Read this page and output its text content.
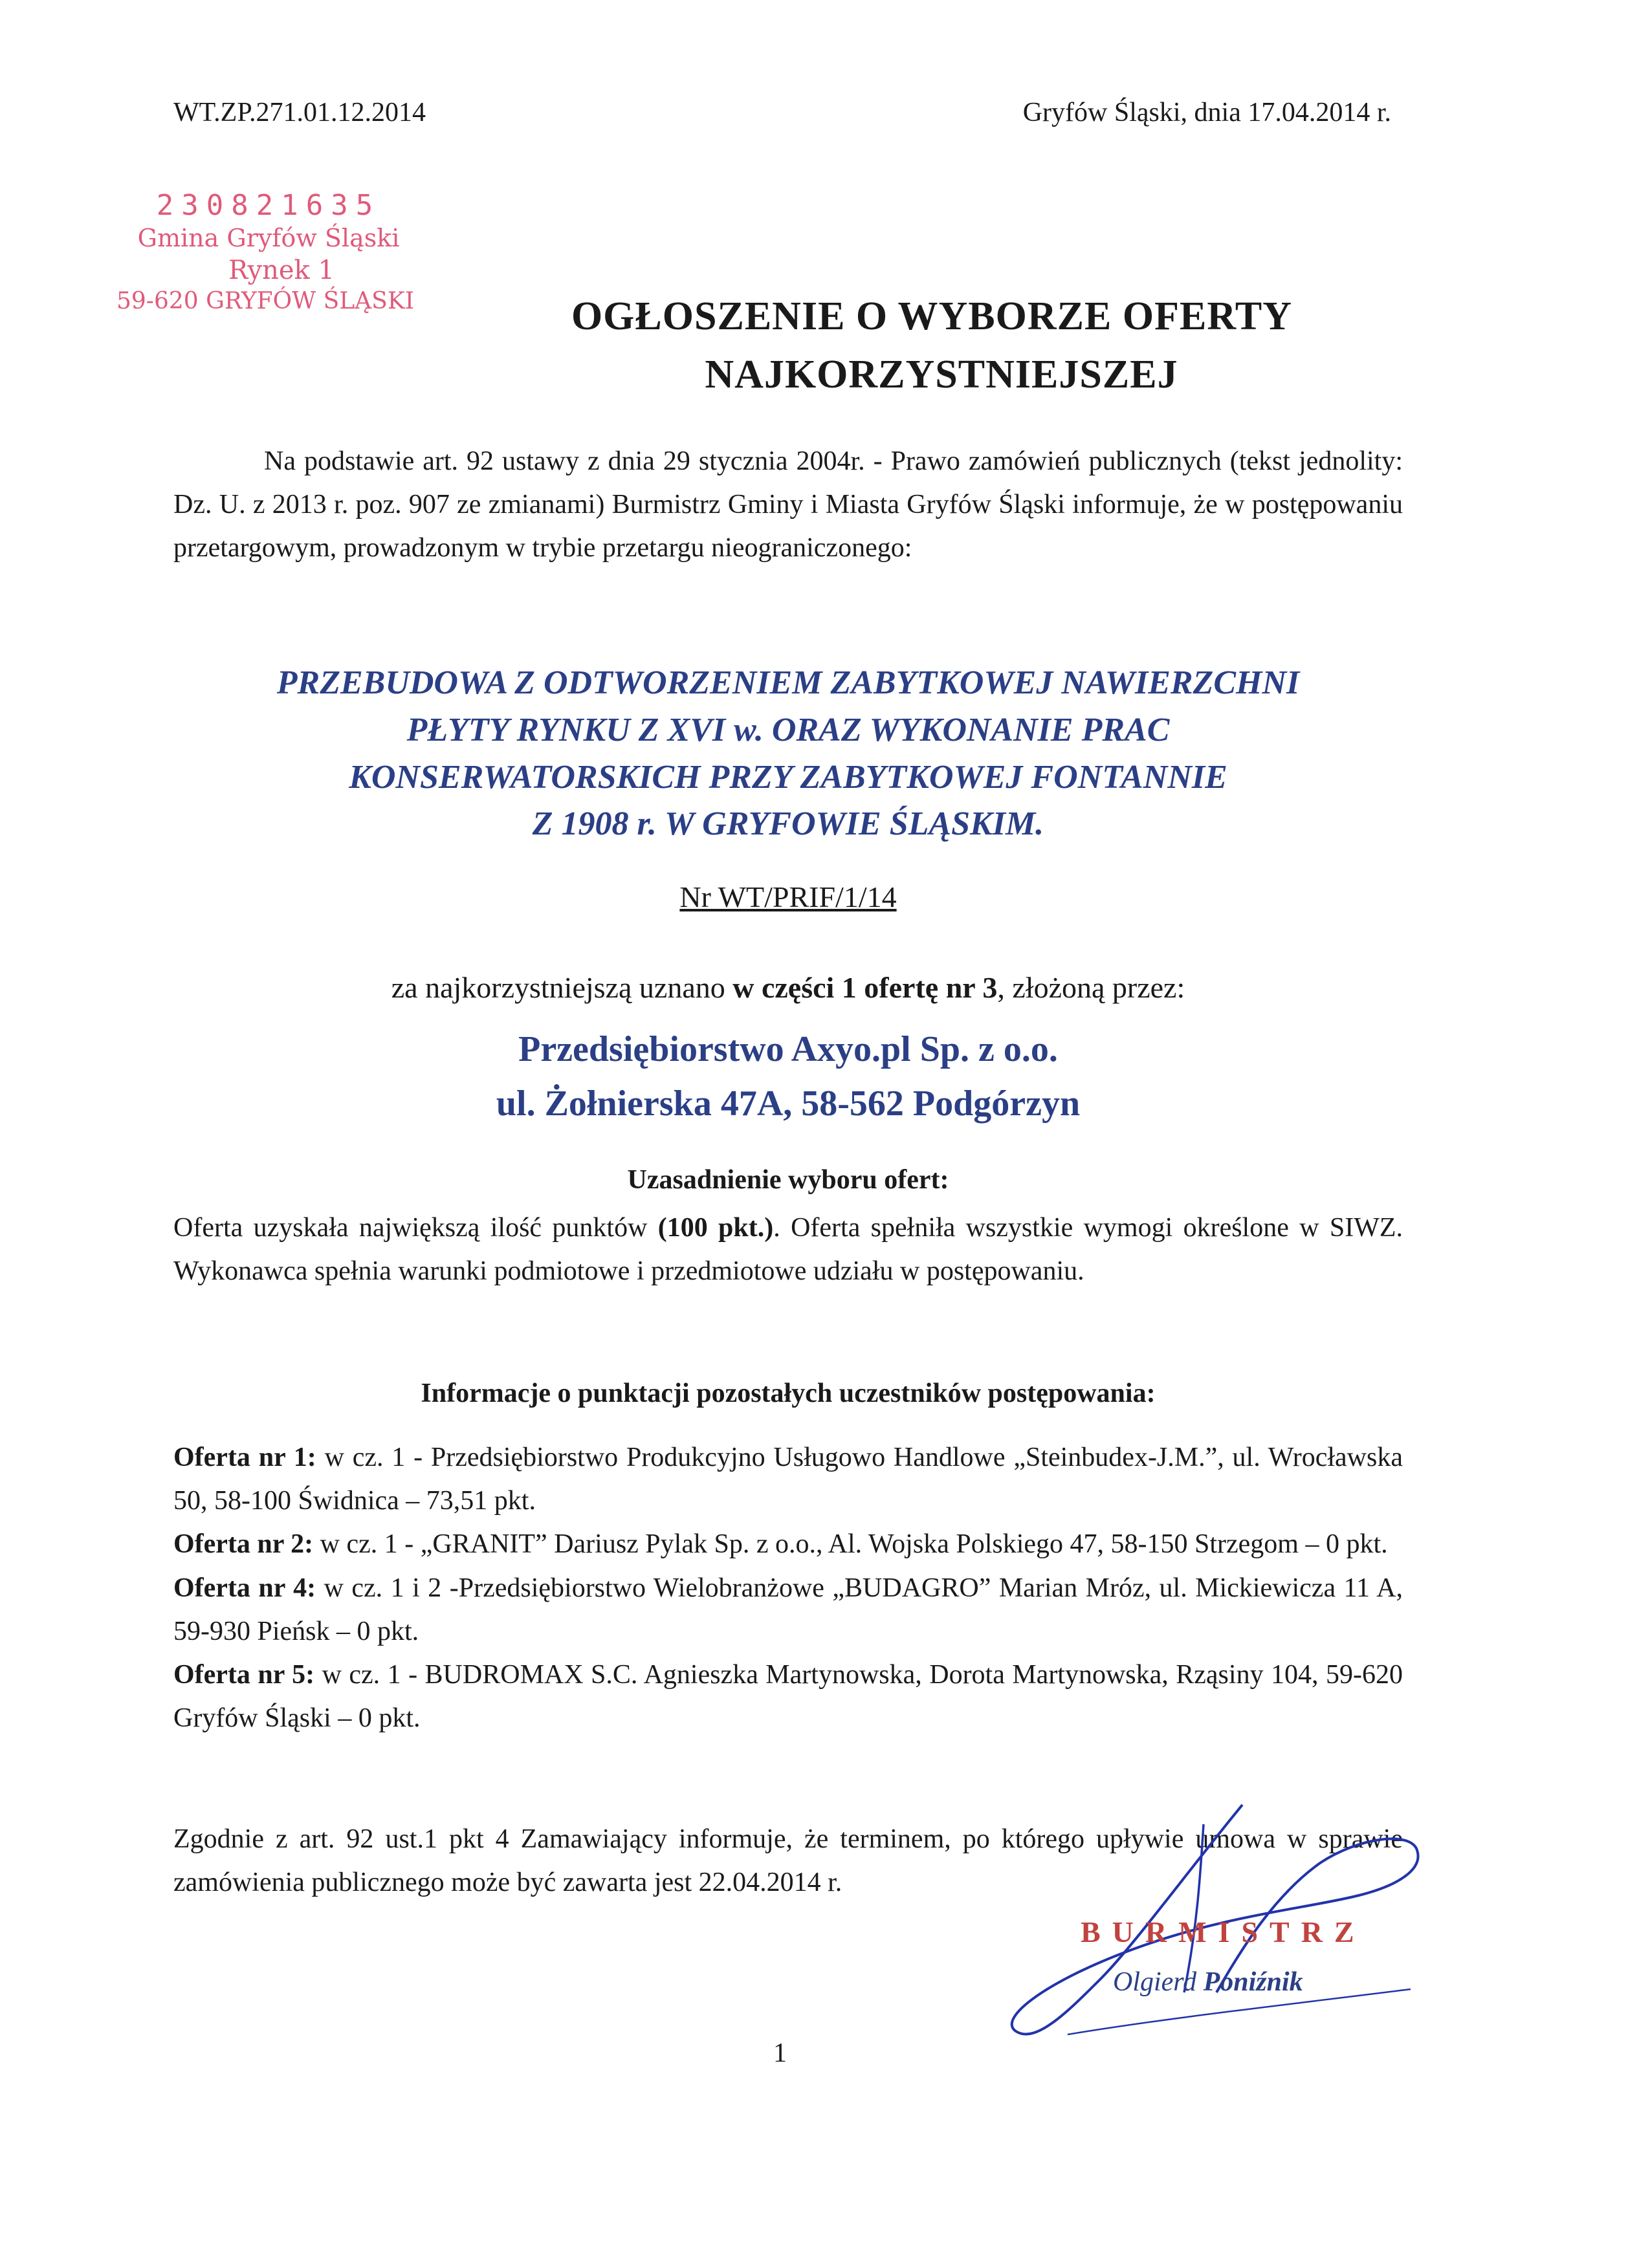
WT.ZP.271.01.12.2014	Gryfów Śląski, dnia 17.04.2014 r.
230821635
Gmina Gryfów Śląski
Rynek 1
59-620 GRYFÓW ŚLĄSKI	OGŁOSZENIE O WYBORZE OFERTY
NAJKORZYSTNIEJSZEJ
Na podstawie art. 92 ustawy z dnia 29 stycznia 2004r. - Prawo zamówień publicznych (tekst jednolity: Dz. U. z 2013 r. poz. 907 ze zmianami) Burmistrz Gminy i Miasta Gryfów Śląski informuje, że w postępowaniu przetargowym, prowadzonym w trybie przetargu nieograniczonego:
PRZEBUDOWA Z ODTWORZENIEM ZABYTKOWEJ NAWIERZCHNI
PŁYTY RYNKU Z XVI w. ORAZ WYKONANIE PRAC
KONSERWATORSKICH PRZY ZABYTKOWEJ FONTANNIE
Z 1908 r. W GRYFOWIE ŚLĄSKIM.
Nr WT/PRIF/1/14
za najkorzystniejszą uznano w części 1 ofertę nr 3, złożoną przez:
Przedsiębiorstwo Axyo.pl Sp. z o.o.
ul. Żołnierska 47A, 58-562 Podgórzyn
Uzasadnienie wyboru ofert:
Oferta uzyskała największą ilość punktów (100 pkt.). Oferta spełniła wszystkie wymogi określone w SIWZ. Wykonawca spełnia warunki podmiotowe i przedmiotowe udziału w postępowaniu.
Informacje o punktacji pozostałych uczestników postępowania:

Oferta nr 1: w cz. 1 - Przedsiębiorstwo Produkcyjno Usługowo Handlowe „Steinbudex-J.M.”, ul. Wrocławska 50, 58-100 Świdnica – 73,51 pkt.

Oferta nr 2: w cz. 1 - „GRANIT” Dariusz Pylak Sp. z o.o., Al. Wojska Polskiego 47, 58-150 Strzegom – 0 pkt.

Oferta nr 4: w cz. 1 i 2 -Przedsiębiorstwo Wielobranżowe „BUDAGRO” Marian Mróz, ul. Mickiewicza 11 A, 59-930 Pieńsk – 0 pkt.

Oferta nr 5: w cz. 1 - BUDROMAX S.C. Agnieszka Martynowska, Dorota Martynowska, Rząsiny 104, 59-620 Gryfów Śląski – 0 pkt.

Zgodnie z art. 92 ust.1 pkt 4 Zamawiający informuje, że terminem, po którego upływie umowa w sprawie zamówienia publicznego może być zawarta jest 22.04.2014 r.
BURMISTRZ
Olgierd Poniźnik
1
